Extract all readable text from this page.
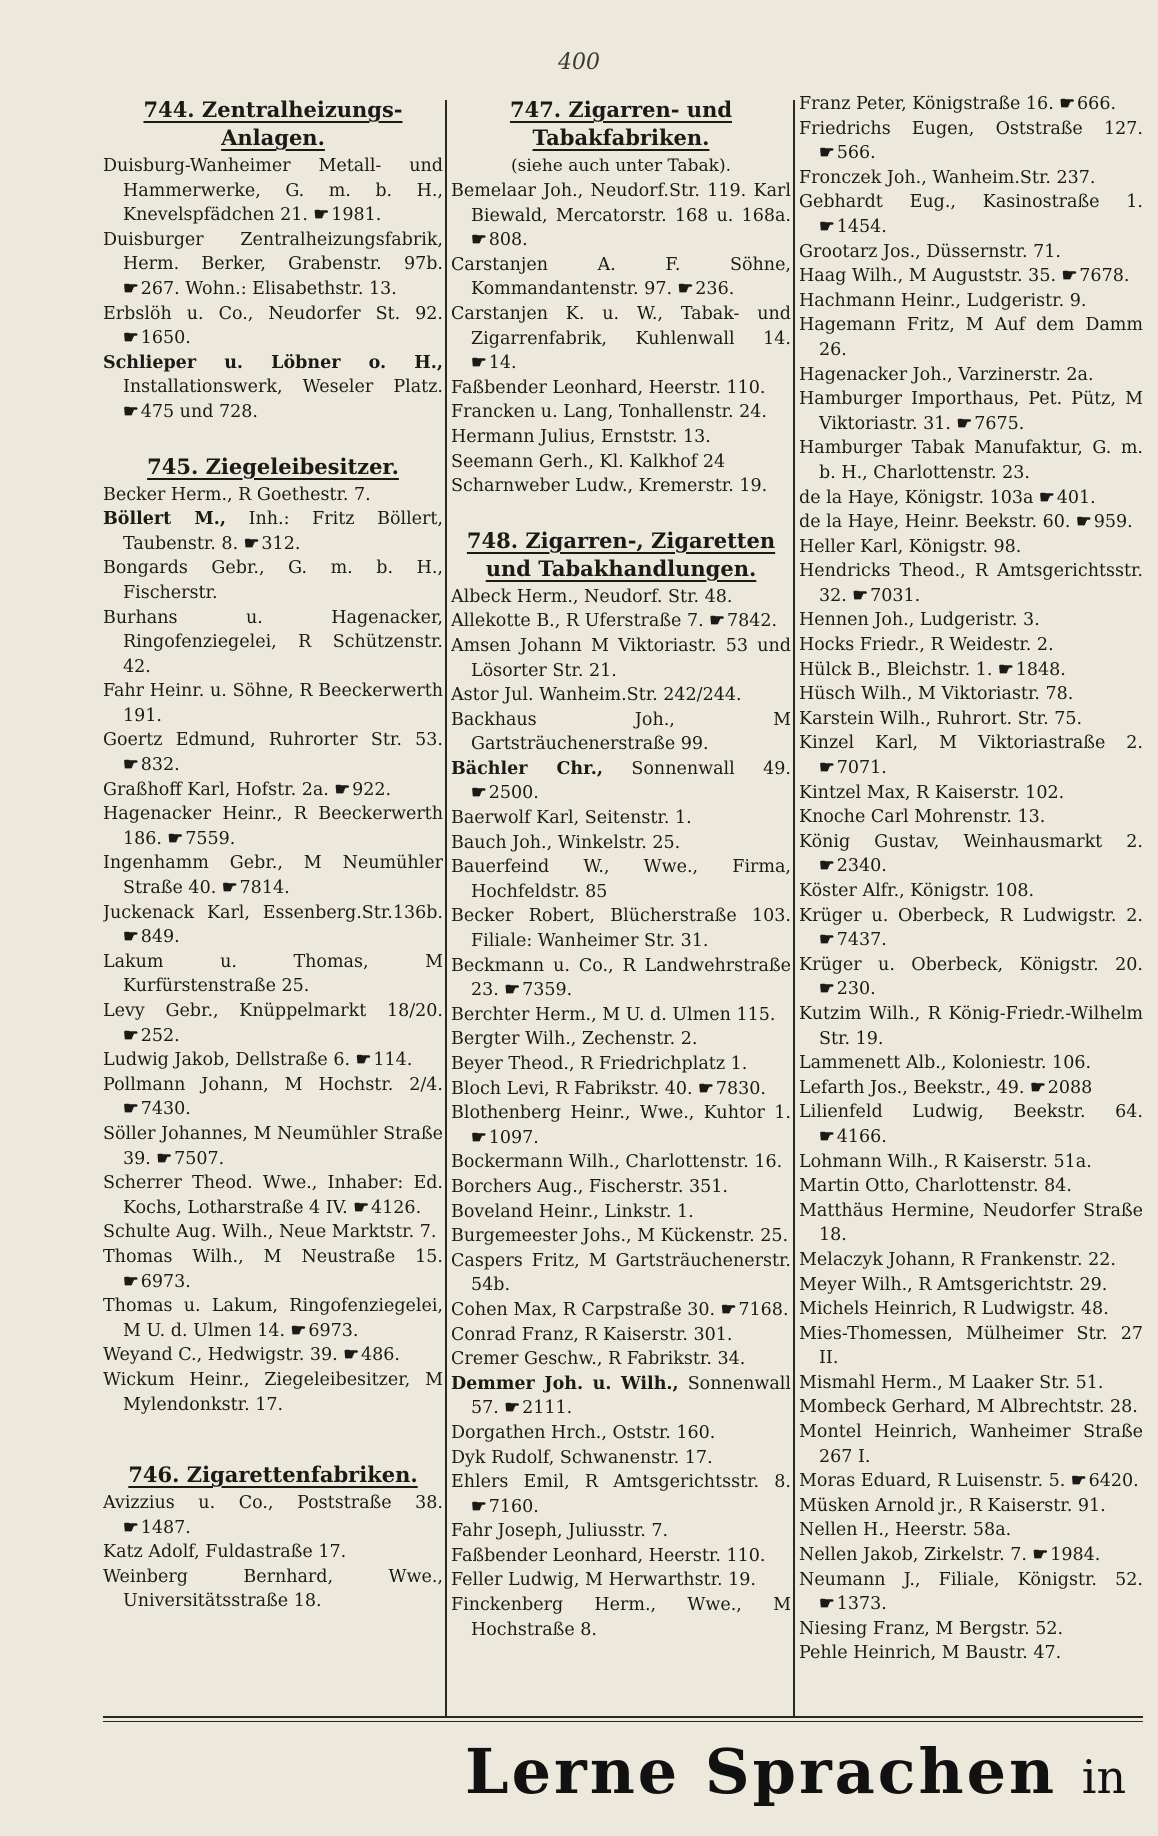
400
744. Zentralheizungs-Anlagen.
Duisburg-Wanheimer Metall- und Hammerwerke, G. m. b. H., Knevelspfädchen 21. ☛ 1981.
Duisburger Zentralheizungsfabrik, Herm. Berker, Grabenstr. 97b. ☛ 267. Wohn.: Elisabethstr. 13.
Erbslöh u. Co., Neudorfer St. 92. ☛ 1650.
Schlieper u. Löbner o. H., Installationswerk, Weseler Platz. ☛ 475 und 728.
745. Ziegeleibesitzer.
Becker Herm., R Goethestr. 7.
Böllert M., Inh.: Fritz Böllert, Taubenstr. 8. ☛ 312.
Bongards Gebr., G. m. b. H., Fischerstr.
Burhans u. Hagenacker, Ringofenziegelei, R Schützenstr. 42.
Fahr Heinr. u. Söhne, R Beeckerwerth 191.
Goertz Edmund, Ruhrorter Str. 53. ☛ 832.
Graßhoff Karl, Hofstr. 2a. ☛ 922.
Hagenacker Heinr., R Beeckerwerth 186. ☛ 7559.
Ingenhamm Gebr., M Neumühler Straße 40. ☛ 7814.
Juckenack Karl, Essenberg.Str.136b. ☛ 849.
Lakum u. Thomas, M Kurfürstenstraße 25.
Levy Gebr., Knüppelmarkt 18/20. ☛ 252.
Ludwig Jakob, Dellstraße 6. ☛ 114.
Pollmann Johann, M Hochstr. 2/4. ☛ 7430.
Söller Johannes, M Neumühler Straße 39. ☛ 7507.
Scherrer Theod. Wwe., Inhaber: Ed. Kochs, Lotharstraße 4 IV. ☛ 4126.
Schulte Aug. Wilh., Neue Marktstr. 7.
Thomas Wilh., M Neustraße 15. ☛ 6973.
Thomas u. Lakum, Ringofenziegelei, M U. d. Ulmen 14. ☛ 6973.
Weyand C., Hedwigstr. 39. ☛ 486.
Wickum Heinr., Ziegeleibesitzer, M Mylendonkstr. 17.
746. Zigarettenfabriken.
Avizzius u. Co., Poststraße 38. ☛ 1487.
Katz Adolf, Fuldastraße 17.
Weinberg Bernhard, Wwe., Universitätsstraße 18.
747. Zigarren- und Tabakfabriken.
(siehe auch unter Tabak).
Bemelaar Joh., Neudorf.Str. 119. Karl Biewald, Mercatorstr. 168 u. 168a. ☛ 808.
Carstanjen A. F. Söhne, Kommandantenstr. 97. ☛ 236.
Carstanjen K. u. W., Tabak- und Zigarrenfabrik, Kuhlenwall 14. ☛ 14.
Faßbender Leonhard, Heerstr. 110.
Francken u. Lang, Tonhallenstr. 24.
Hermann Julius, Ernststr. 13.
Seemann Gerh., Kl. Kalkhof 24
Scharnweber Ludw., Kremerstr. 19.
748. Zigarren-, Zigaretten und Tabakhandlungen.
Albeck Herm., Neudorf. Str. 48.
Allekotte B., R Uferstraße 7. ☛ 7842.
Amsen Johann M Viktoriastr. 53 und Lösorter Str. 21.
Astor Jul. Wanheim.Str. 242/244.
Backhaus Joh., M Gartsträuchenerstraße 99.
Bächler Chr., Sonnenwall 49. ☛ 2500.
Baerwolf Karl, Seitenstr. 1.
Bauch Joh., Winkelstr. 25.
Bauerfeind W., Wwe., Firma, Hochfeldstr. 85
Becker Robert, Blücherstraße 103. Filiale: Wanheimer Str. 31.
Beckmann u. Co., R Landwehrstraße 23. ☛ 7359.
Berchter Herm., M U. d. Ulmen 115.
Bergter Wilh., Zechenstr. 2.
Beyer Theod., R Friedrichplatz 1.
Bloch Levi, R Fabrikstr. 40. ☛ 7830.
Blothenberg Heinr., Wwe., Kuhtor 1. ☛ 1097.
Bockermann Wilh., Charlottenstr. 16.
Borchers Aug., Fischerstr. 351.
Boveland Heinr., Linkstr. 1.
Burgemeester Johs., M Kückenstr. 25.
Caspers Fritz, M Gartsträuchenerstr. 54b.
Cohen Max, R Carpstraße 30. ☛ 7168.
Conrad Franz, R Kaiserstr. 301.
Cremer Geschw., R Fabrikstr. 34.
Demmer Joh. u. Wilh., Sonnenwall 57. ☛ 2111.
Dorgathen Hrch., Oststr. 160.
Dyk Rudolf, Schwanenstr. 17.
Ehlers Emil, R Amtsgerichtsstr. 8. ☛ 7160.
Fahr Joseph, Juliusstr. 7.
Faßbender Leonhard, Heerstr. 110.
Feller Ludwig, M Herwarthstr. 19.
Finckenberg Herm., Wwe., M Hochstraße 8.
Franz Peter, Königstraße 16. ☛ 666.
Friedrichs Eugen, Oststraße 127. ☛ 566.
Fronczek Joh., Wanheim.Str. 237.
Gebhardt Eug., Kasinostraße 1. ☛ 1454.
Grootarz Jos., Düssernstr. 71.
Haag Wilh., M Auguststr. 35. ☛ 7678.
Hachmann Heinr., Ludgeristr. 9.
Hagemann Fritz, M Auf dem Damm 26.
Hagenacker Joh., Varzinerstr. 2a.
Hamburger Importhaus, Pet. Pütz, M Viktoriastr. 31. ☛ 7675.
Hamburger Tabak Manufaktur, G. m. b. H., Charlottenstr. 23.
de la Haye, Königstr. 103a ☛ 401.
de la Haye, Heinr. Beekstr. 60. ☛ 959.
Heller Karl, Königstr. 98.
Hendricks Theod., R Amtsgerichtsstr. 32. ☛ 7031.
Hennen Joh., Ludgeristr. 3.
Hocks Friedr., R Weidestr. 2.
Hülck B., Bleichstr. 1. ☛ 1848.
Hüsch Wilh., M Viktoriastr. 78.
Karstein Wilh., Ruhrort. Str. 75.
Kinzel Karl, M Viktoriastraße 2. ☛ 7071.
Kintzel Max, R Kaiserstr. 102.
Knoche Carl Mohrenstr. 13.
König Gustav, Weinhausmarkt 2. ☛ 2340.
Köster Alfr., Königstr. 108.
Krüger u. Oberbeck, R Ludwigstr. 2. ☛ 7437.
Krüger u. Oberbeck, Königstr. 20. ☛ 230.
Kutzim Wilh., R König-Friedr.-Wilhelm Str. 19.
Lammenett Alb., Koloniestr. 106.
Lefarth Jos., Beekstr., 49. ☛ 2088
Lilienfeld Ludwig, Beekstr. 64. ☛ 4166.
Lohmann Wilh., R Kaiserstr. 51a.
Martin Otto, Charlottenstr. 84.
Matthäus Hermine, Neudorfer Straße 18.
Melaczyk Johann, R Frankenstr. 22.
Meyer Wilh., R Amtsgerichtstr. 29.
Michels Heinrich, R Ludwigstr. 48.
Mies-Thomessen, Mülheimer Str. 27 II.
Mismahl Herm., M Laaker Str. 51.
Mombeck Gerhard, M Albrechtstr. 28.
Montel Heinrich, Wanheimer Straße 267 I.
Moras Eduard, R Luisenstr. 5. ☛ 6420.
Müsken Arnold jr., R Kaiserstr. 91.
Nellen H., Heerstr. 58a.
Nellen Jakob, Zirkelstr. 7. ☛ 1984.
Neumann J., Filiale, Königstr. 52. ☛ 1373.
Niesing Franz, M Bergstr. 52.
Pehle Heinrich, M Baustr. 47.
Lerne Sprachen in
